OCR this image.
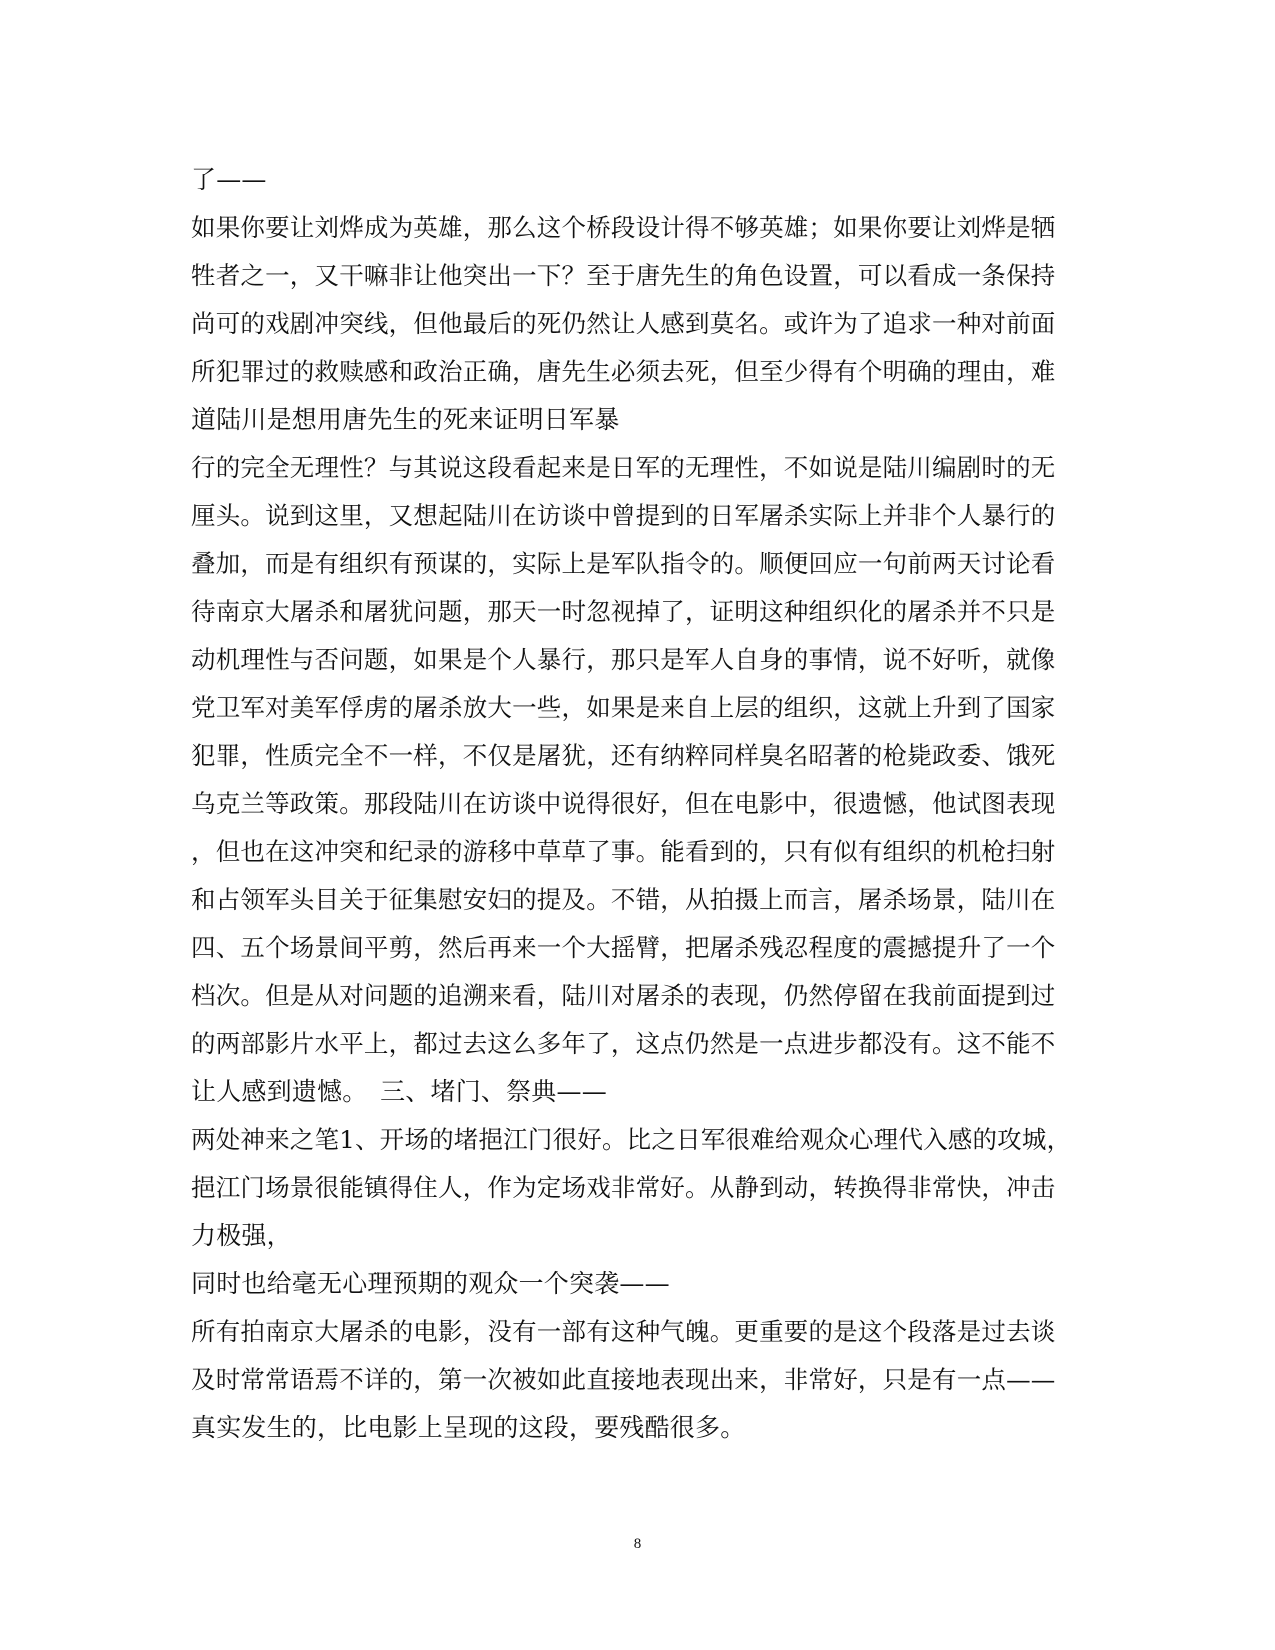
了——
如果你要让刘烨成为英雄，那么这个桥段设计得不够英雄；如果你要让刘烨是牺
牲者之一，又干嘛非让他突出一下？至于唐先生的角色设置，可以看成一条保持
尚可的戏剧冲突线，但他最后的死仍然让人感到莫名。或许为了追求一种对前面
所犯罪过的救赎感和政治正确，唐先生必须去死，但至少得有个明确的理由，难
道陆川是想用唐先生的死来证明日军暴
行的完全无理性？与其说这段看起来是日军的无理性，不如说是陆川编剧时的无
厘头。说到这里，又想起陆川在访谈中曾提到的日军屠杀实际上并非个人暴行的
叠加，而是有组织有预谋的，实际上是军队指令的。顺便回应一句前两天讨论看
待南京大屠杀和屠犹问题，那天一时忽视掉了，证明这种组织化的屠杀并不只是
动机理性与否问题，如果是个人暴行，那只是军人自身的事情，说不好听，就像
党卫军对美军俘虏的屠杀放大一些，如果是来自上层的组织，这就上升到了国家
犯罪，性质完全不一样，不仅是屠犹，还有纳粹同样臭名昭著的枪毙政委、饿死
乌克兰等政策。那段陆川在访谈中说得很好，但在电影中，很遗憾，他试图表现
，但也在这冲突和纪录的游移中草草了事。能看到的，只有似有组织的机枪扫射
和占领军头目关于征集慰安妇的提及。不错，从拍摄上而言，屠杀场景，陆川在
四、五个场景间平剪，然后再来一个大摇臂，把屠杀残忍程度的震撼提升了一个
档次。但是从对问题的追溯来看，陆川对屠杀的表现，仍然停留在我前面提到过
的两部影片水平上，都过去这么多年了，这点仍然是一点进步都没有。这不能不
让人感到遗憾。　三、堵门、祭典——
两处神来之笔1、开场的堵挹江门很好。比之日军很难给观众心理代入感的攻城，
挹江门场景很能镇得住人，作为定场戏非常好。从静到动，转换得非常快，冲击
力极强，
同时也给毫无心理预期的观众一个突袭——
所有拍南京大屠杀的电影，没有一部有这种气魄。更重要的是这个段落是过去谈
及时常常语焉不详的，第一次被如此直接地表现出来，非常好，只是有一点——
真实发生的，比电影上呈现的这段，要残酷很多。
8
